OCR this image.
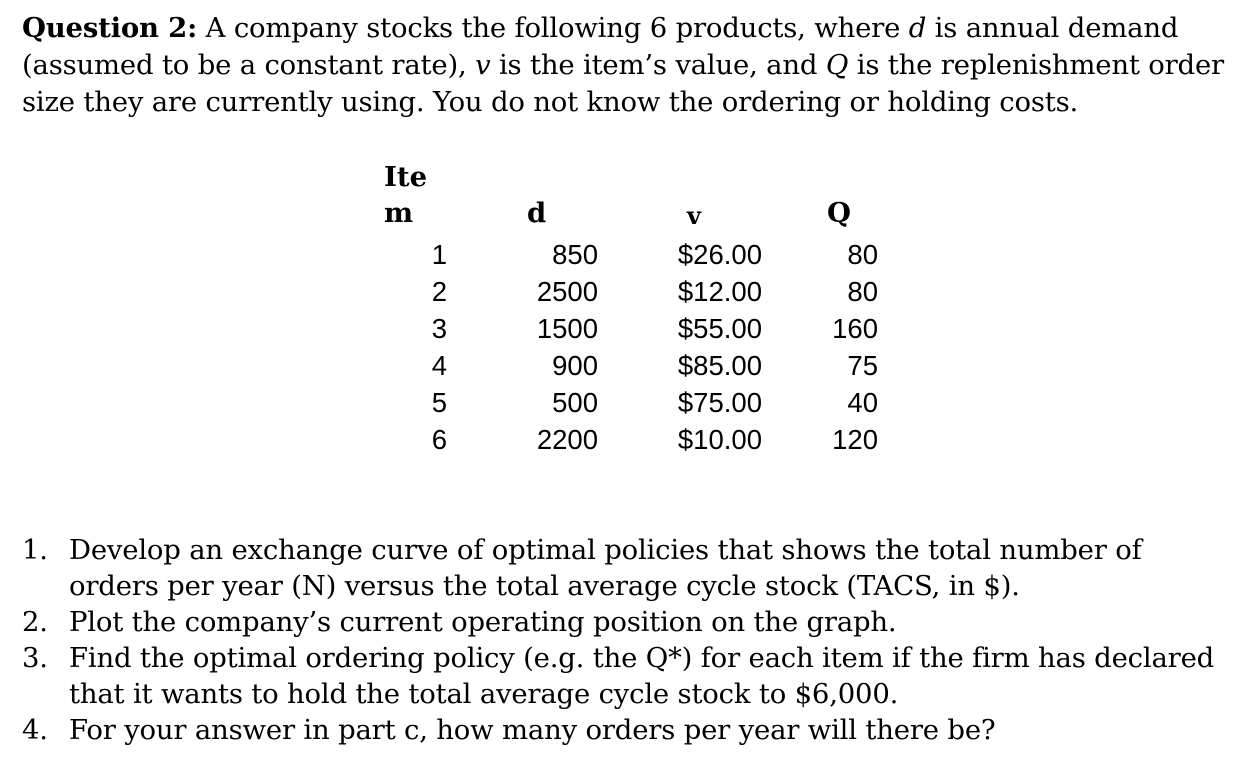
Question 2: A company stocks the following 6 products, where d is annual demand (assumed to be a constant rate), v is the item’s value, and Q is the replenishment order size they are currently using. You do not know the ordering or holding costs.
Ite
m	d	v	Q
1	850	$26.00	80
2	2500	$12.00	80
3	1500	$55.00	160
4	900	$85.00	75
5	500	$75.00	40
6	2200	$10.00	120
1. Develop an exchange curve of optimal policies that shows the total number of orders per year (N) versus the total average cycle stock (TACS, in $).
2. Plot the company’s current operating position on the graph.
3. Find the optimal ordering policy (e.g. the Q*) for each item if the firm has declared that it wants to hold the total average cycle stock to $6,000.
4. For your answer in part c, how many orders per year will there be?
